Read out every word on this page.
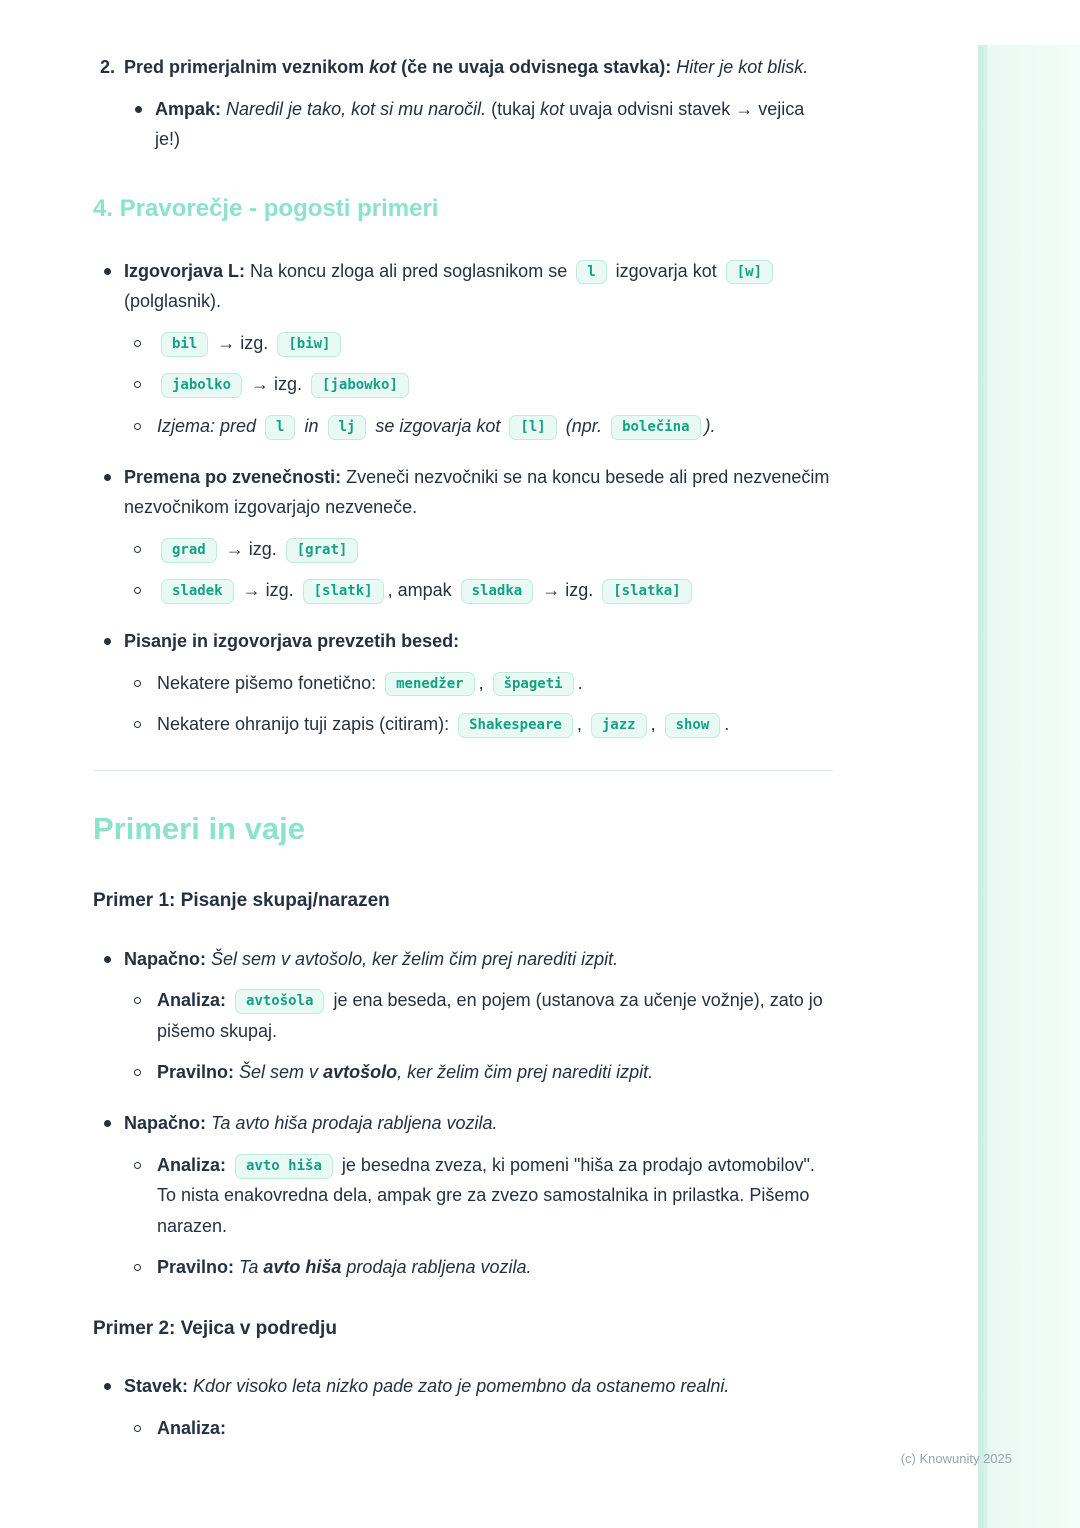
2. Pred primerjalnim veznikom kot (če ne uvaja odvisnega stavka): Hiter je kot blisk.
Ampak: Naredil je tako, kot si mu naročil. (tukaj kot uvaja odvisni stavek → vejica je!)
4. Pravorečje - pogosti primeri
Izgovorjava L: Na koncu zloga ali pred soglasnikom se l izgovarja kot [w] (polglasnik).
bil → izg. [biw]
jabolko → izg. [jabowko]
Izjema: pred l in lj se izgovarja kot [l] (npr. bolečina ).
Premena po zvenečnosti: Zveneči nezvočniki se na koncu besede ali pred nezvenečim nezvočnikom izgovarjajo nezveneče.
grad → izg. [grat]
sladek → izg. [slatk] , ampak sladka → izg. [slatka]
Pisanje in izgovorjava prevzetih besed:
Nekatere pišemo fonetično: menedžer , špageti .
Nekatere ohranijo tuji zapis (citiram): Shakespeare , jazz , show .
Primeri in vaje
Primer 1: Pisanje skupaj/narazen
Napačno: Šel sem v avtošolo, ker želim čim prej narediti izpit.
Analiza: avtošola je ena beseda, en pojem (ustanova za učenje vožnje), zato jo pišemo skupaj.
Pravilno: Šel sem v avtošolo, ker želim čim prej narediti izpit.
Napačno: Ta avto hiša prodaja rabljena vozila.
Analiza: avto hiša je besedna zveza, ki pomeni "hiša za prodajo avtomobilov". To nista enakovredna dela, ampak gre za zvezo samostalnika in prilastka. Pišemo narazen.
Pravilno: Ta avto hiša prodaja rabljena vozila.
Primer 2: Vejica v podredju
Stavek: Kdor visoko leta nizko pade zato je pomembno da ostanemo realni.
Analiza:
(c) Knowunity 2025
